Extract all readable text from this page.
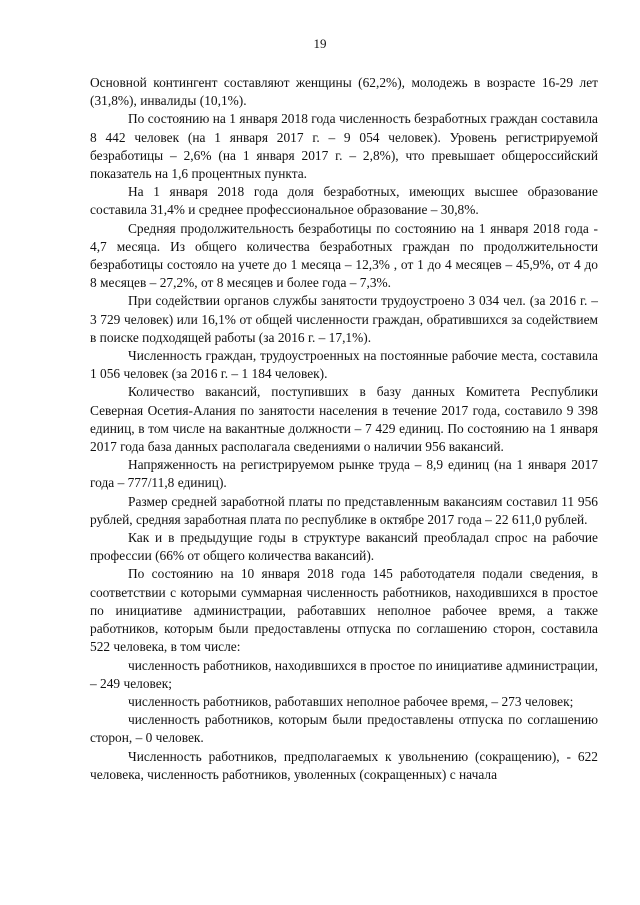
19

Основной контингент составляют женщины (62,2%), молодежь в возрасте 16-29 лет (31,8%), инвалиды (10,1%).

По состоянию на 1 января 2018 года численность безработных граждан составила 8 442 человек (на 1 января 2017 г. – 9 054 человек). Уровень регистрируемой безработицы – 2,6% (на 1 января 2017 г. – 2,8%), что превышает общероссийский показатель на 1,6 процентных пункта.

На 1 января 2018 года доля безработных, имеющих высшее образование составила 31,4% и среднее профессиональное образование – 30,8%.

Средняя продолжительность безработицы по состоянию на 1 января 2018 года - 4,7 месяца. Из общего количества безработных граждан по продолжительности безработицы состояло на учете до 1 месяца – 12,3% , от 1 до 4 месяцев – 45,9%, от 4 до 8 месяцев – 27,2%, от 8 месяцев и более года – 7,3%.

При содействии органов службы занятости трудоустроено 3 034 чел. (за 2016 г. – 3 729 человек) или 16,1% от общей численности граждан, обратившихся за содействием в поиске подходящей работы (за 2016 г. – 17,1%).

Численность граждан, трудоустроенных на постоянные рабочие места, составила 1 056 человек (за 2016 г. – 1 184 человек).

Количество вакансий, поступивших в базу данных Комитета Республики Северная Осетия-Алания по занятости населения в течение 2017 года, составило 9 398 единиц, в том числе на вакантные должности – 7 429 единиц. По состоянию на 1 января 2017 года база данных располагала сведениями о наличии 956 вакансий.

Напряженность на регистрируемом рынке труда – 8,9 единиц (на 1 января 2017 года – 777/11,8 единиц).

Размер средней заработной платы по представленным вакансиям составил 11 956 рублей, средняя заработная плата по республике в октябре 2017 года – 22 611,0 рублей.

Как и в предыдущие годы в структуре вакансий преобладал спрос на рабочие профессии (66% от общего количества вакансий).

По состоянию на 10 января 2018 года 145 работодателя подали сведения, в соответствии с которыми суммарная численность работников, находившихся в простое по инициативе администрации, работавших неполное рабочее время, а также работников, которым были предоставлены отпуска по соглашению сторон, составила 522 человека, в том числе:

численность работников, находившихся в простое по инициативе администрации, – 249 человек;

численность работников, работавших неполное рабочее время, – 273 человек;

численность работников, которым были предоставлены отпуска по соглашению сторон, – 0 человек.

Численность работников, предполагаемых к увольнению (сокращению), - 622 человека, численность работников, уволенных (сокращенных) с начала
